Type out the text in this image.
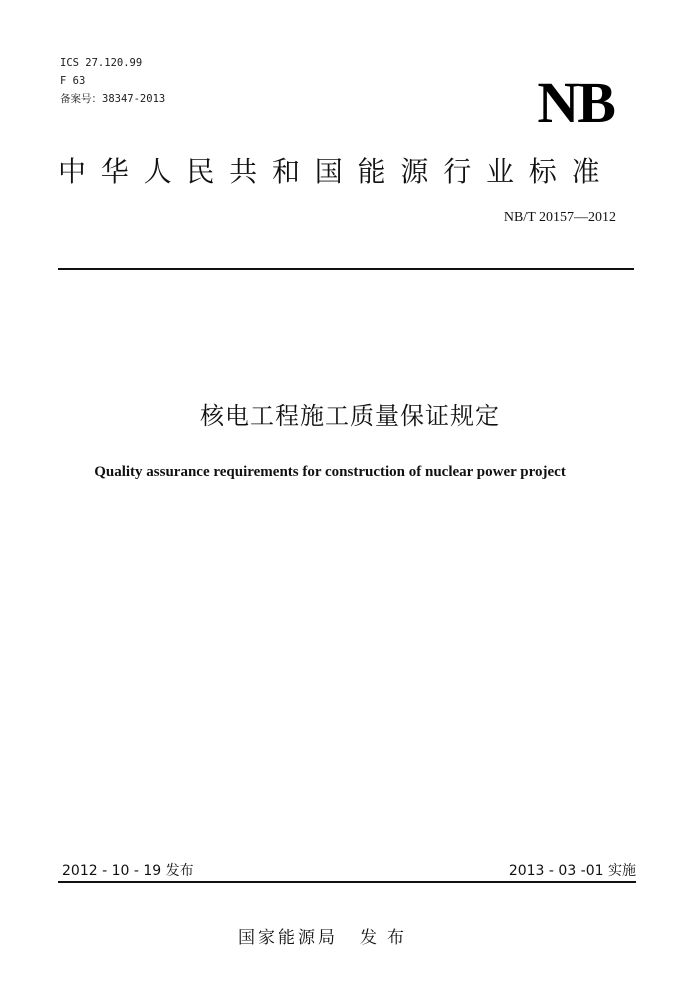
ICS 27.120.99
F 63
备案号：38347-2013	NB
中华人民共和国能源行业标准
NB/T 20157—2012
核电工程施工质量保证规定
Quality assurance requirements for construction of nuclear power project
2012 - 10 - 19 发布	2013 - 03 -01 实施
国家能源局 发布
